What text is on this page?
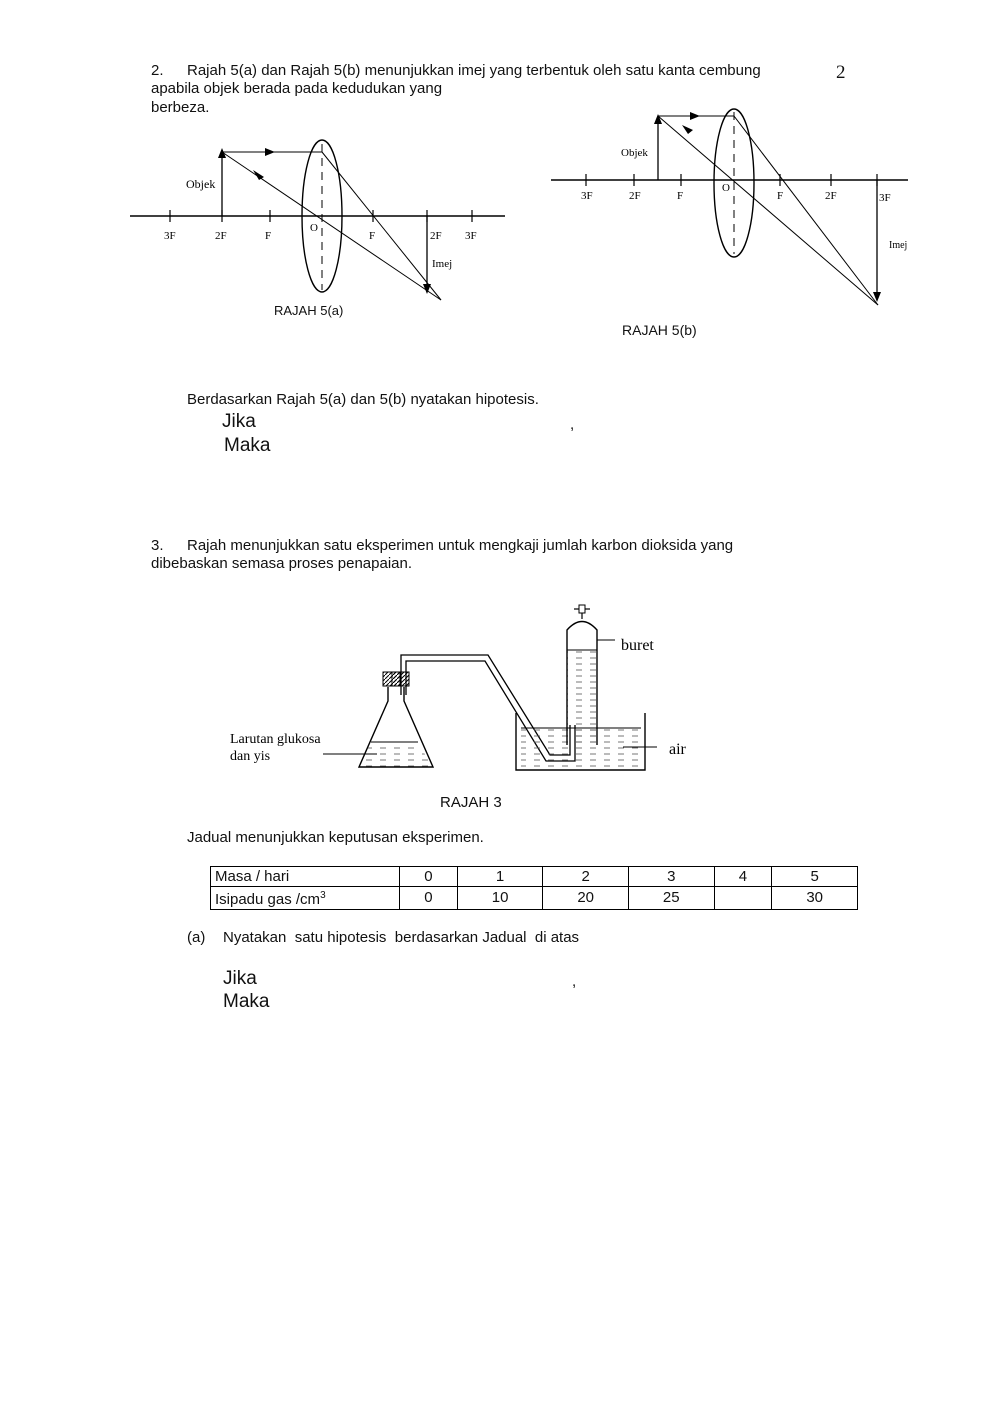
2
2. Rajah 5(a) dan Rajah 5(b) menunjukkan imej yang terbentuk oleh satu kanta cembung
apabila objek berada pada kedudukan yang
berbeza.
Objek
Imej
O
3F	2F	F	F	2F 3F
RAJAH 5(a)
Objek
Imej
O
3F	2F	F	F	2F	3F
RAJAH 5(b)
Berdasarkan Rajah 5(a) dan 5(b) nyatakan hipotesis.
Jika	,
Maka
3. Rajah menunjukkan satu eksperimen untuk mengkaji jumlah karbon dioksida yang
dibebaskan semasa proses penapaian.
buret
air
Larutan glukosa
dan yis
RAJAH 3
Jadual menunjukkan keputusan eksperimen.
Masa / hari	0	1	2	3	4	5
Isipadu gas $/cm^3$	0	10	20	25		30
(a) Nyatakan  satu hipotesis  berdasarkan Jadual  di atas
Jika	,
Maka
